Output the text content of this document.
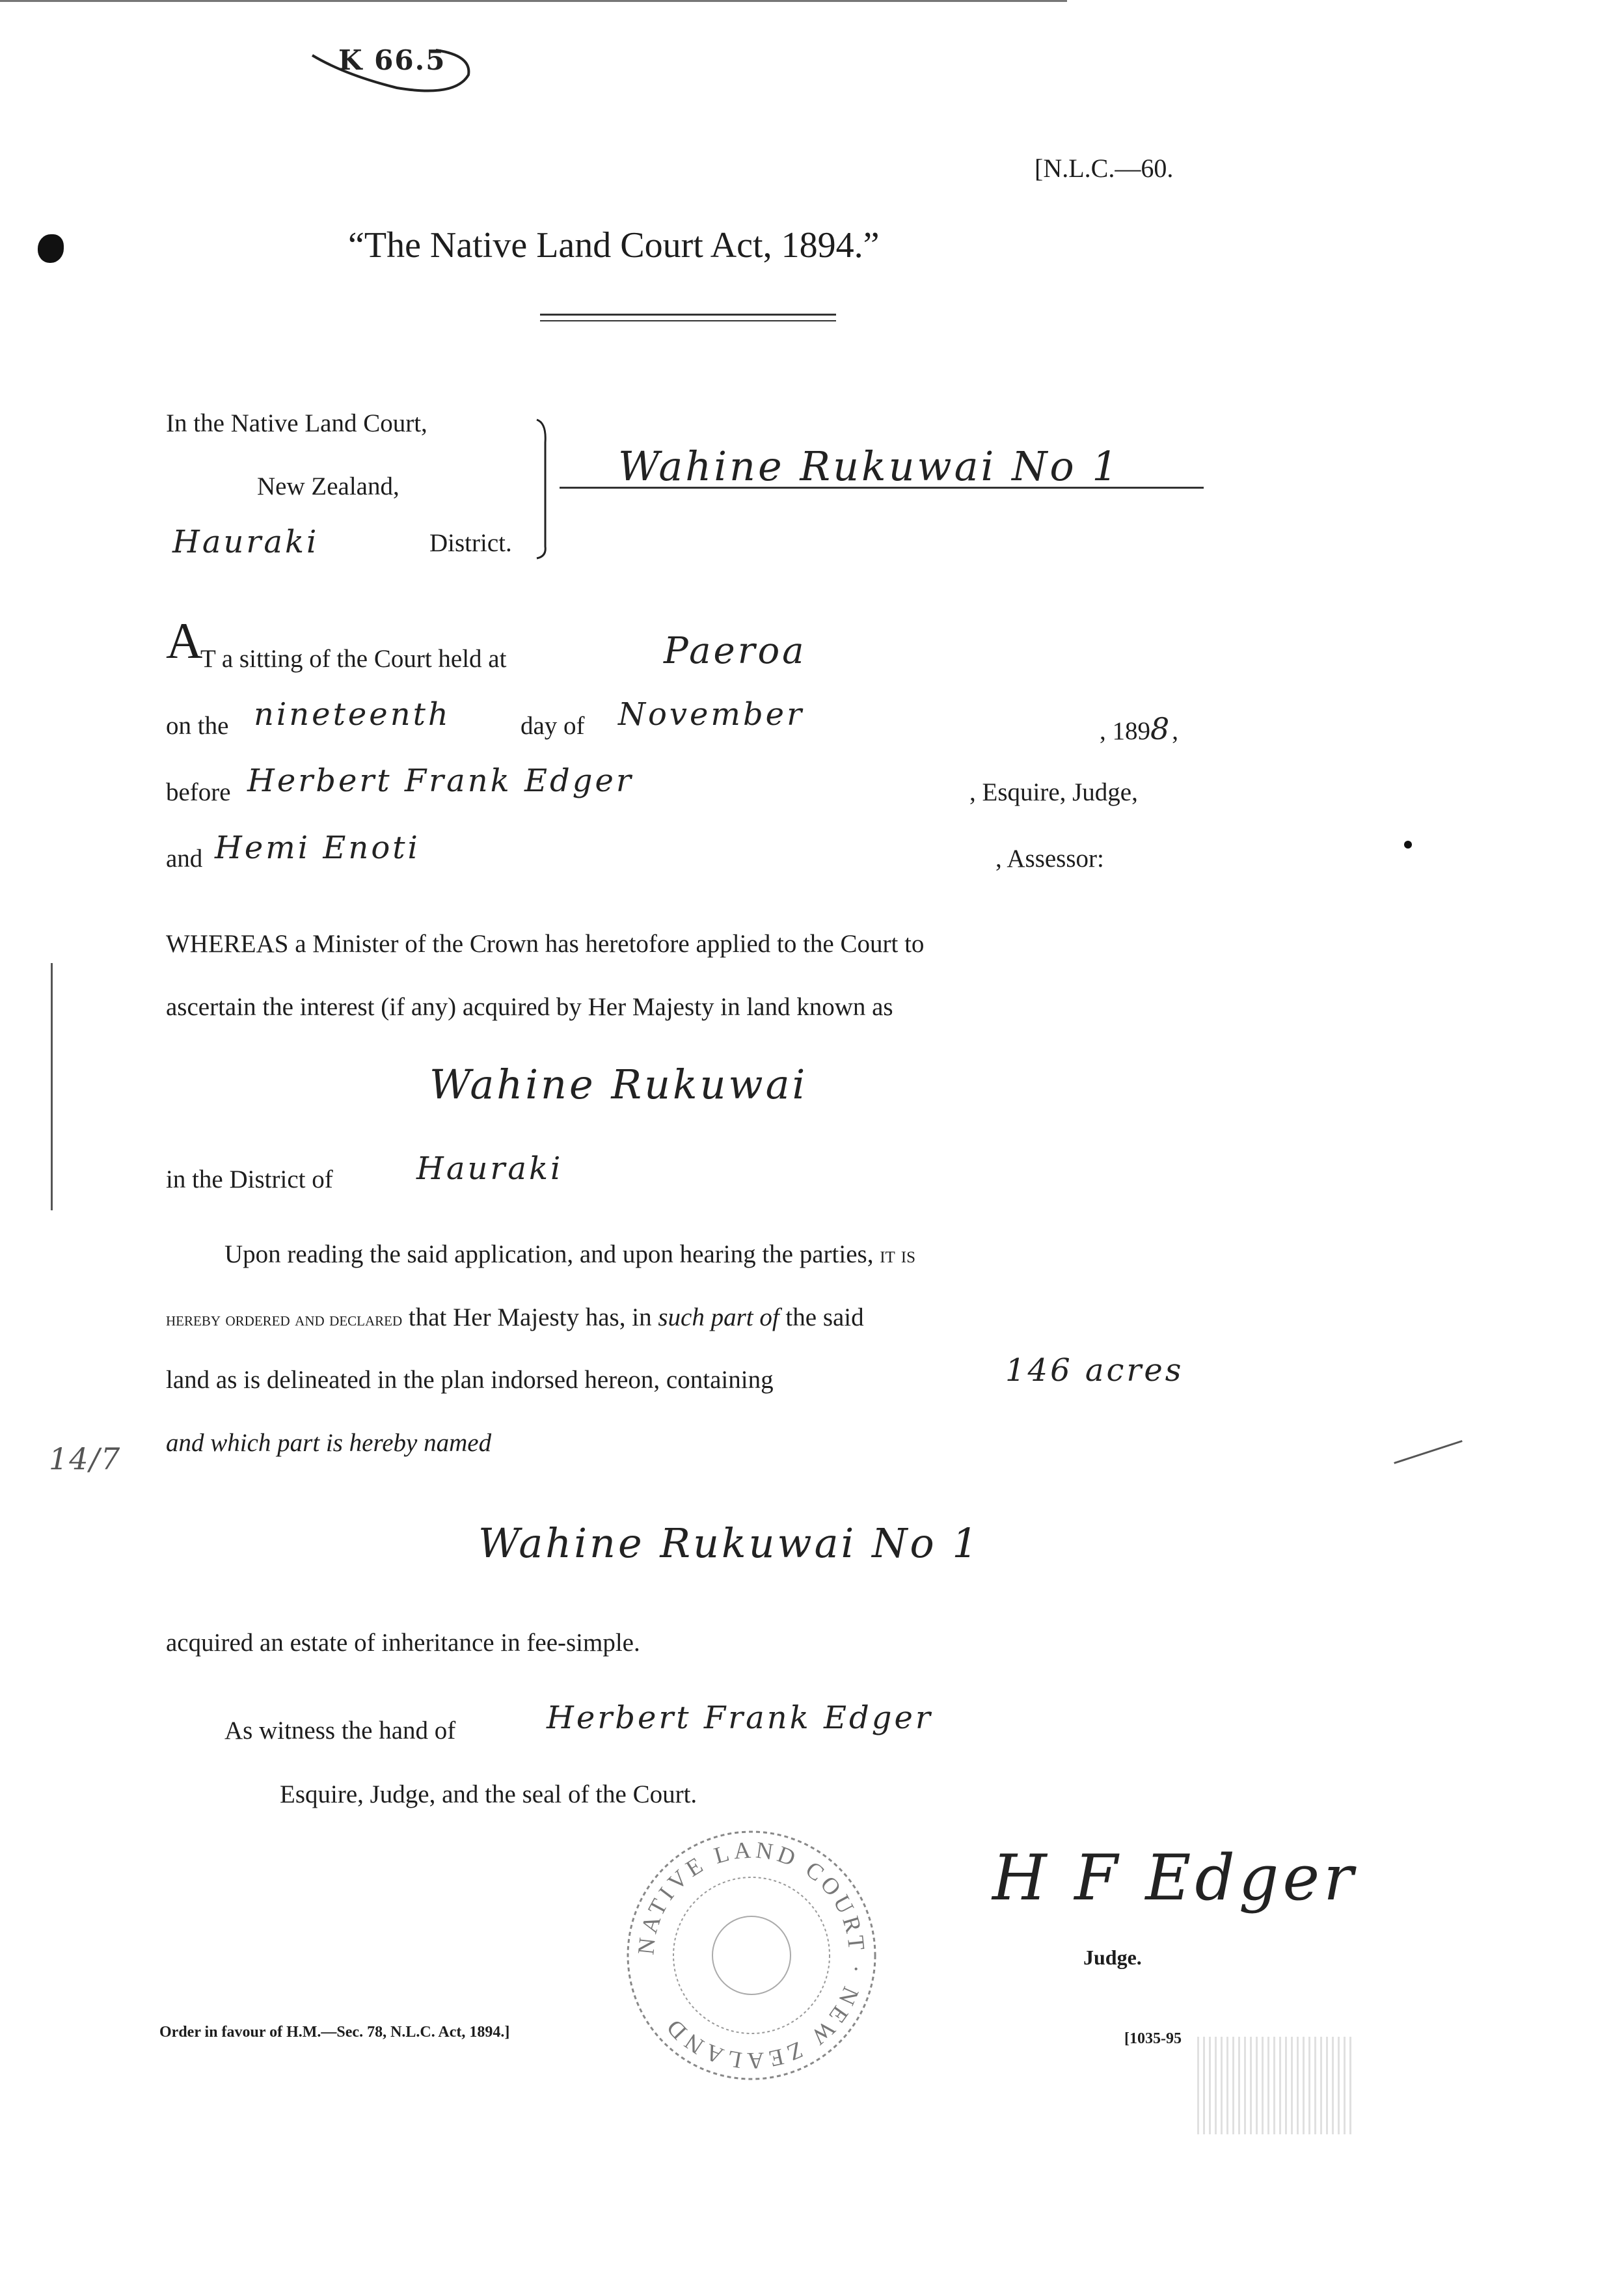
K 66.5
[N.L.C.—60.
“The Native Land Court Act, 1894.”
In the Native Land Court,
New Zealand,
Hauraki	District.
Wahine Rukuwai No 1
A
T a sitting of the Court held at	Paeroa
on the nineteenth	day of November	, 1898,
before Herbert Frank Edger	, Esquire, Judge,
and Hemi Enoti	, Assessor:
WHEREAS a Minister of the Crown has heretofore applied to the Court to
ascertain the interest (if any) acquired by Her Majesty in land known as
Wahine Rukuwai
in the District of	Hauraki
Upon reading the said application, and upon hearing the parties, it is
hereby ordered and declared that Her Majesty has, in such part of the said
land as is delineated in the plan indorsed hereon, containing	146 acres
and which part is hereby named
Wahine Rukuwai No 1
acquired an estate of inheritance in fee-simple.
14/7
As witness the hand of	Herbert Frank Edger
Esquire, Judge, and the seal of the Court.
NATIVE LAND COURT · NEW ZEALAND
H F Edger
Judge.
Order in favour of H.M.—Sec. 78, N.L.C. Act, 1894.]	[1035-95
